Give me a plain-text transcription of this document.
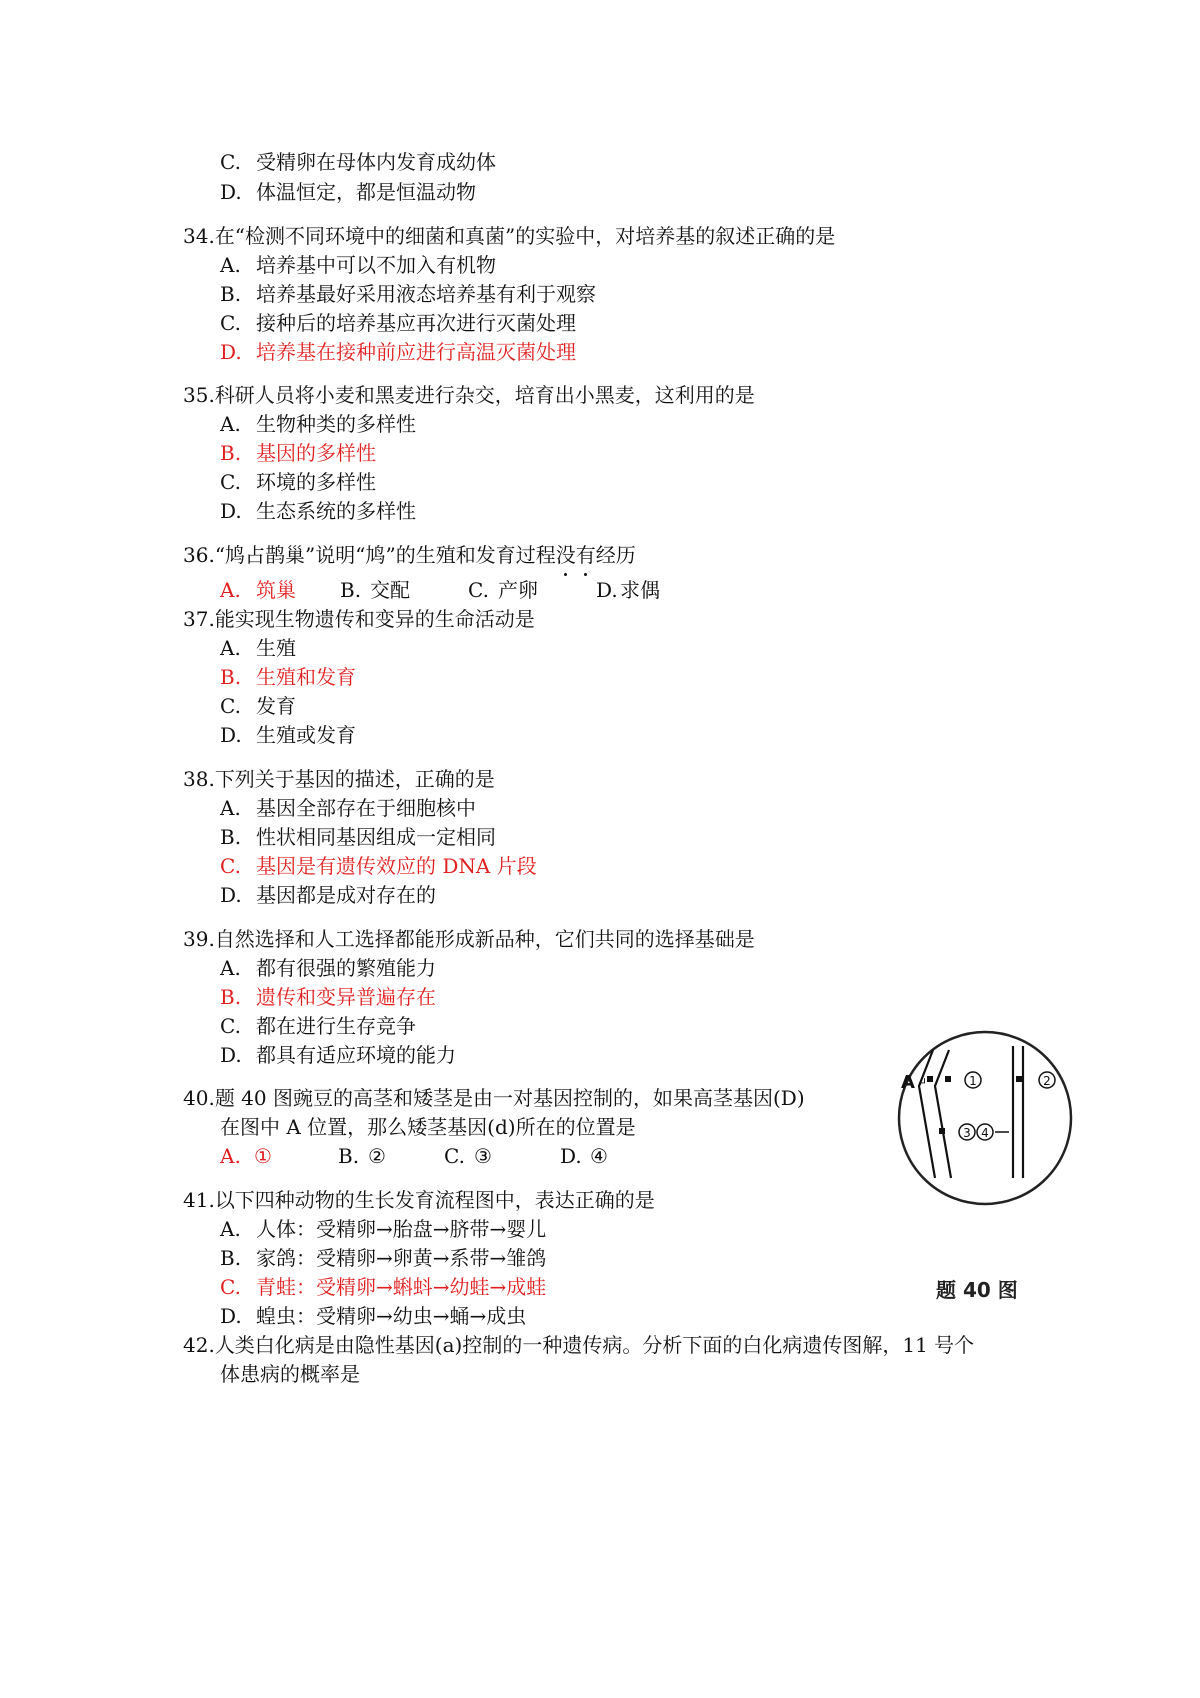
C. 受精卵在母体内发育成幼体
D. 体温恒定，都是恒温动物
34.在“检测不同环境中的细菌和真菌”的实验中，对培养基的叙述正确的是
A. 培养基中可以不加入有机物
B. 培养基最好采用液态培养基有利于观察
C. 接种后的培养基应再次进行灭菌处理
D. 培养基在接种前应进行高温灭菌处理
35.科研人员将小麦和黑麦进行杂交，培育出小黑麦，这利用的是
A. 生物种类的多样性
B. 基因的多样性
C. 环境的多样性
D. 生态系统的多样性
36.“鸠占鹊巢”说明“鸠”的生殖和发育过程没有经历
A. 筑巢 B. 交配	C. 产卵	D. 求偶
37.能实现生物遗传和变异的生命活动是
A. 生殖
B. 生殖和发育
C. 发育
D. 生殖或发育
38.下列关于基因的描述，正确的是
A. 基因全部存在于细胞核中
B. 性状相同基因组成一定相同
C. 基因是有遗传效应的 DNA 片段
D. 基因都是成对存在的
39.自然选择和人工选择都能形成新品种，它们共同的选择基础是
A. 都有很强的繁殖能力
B. 遗传和变异普遍存在
C. 都在进行生存竞争
D. 都具有适应环境的能力
40.题 40 图豌豆的高茎和矮茎是由一对基因控制的，如果高茎基因(D)
在图中 A 位置，那么矮茎基因(d)所在的位置是
A. ①	B. ②	C. ③	D. ④
A ↵	1	2
3 4
题 40 图
41.以下四种动物的生长发育流程图中，表达正确的是
A. 人体：受精卵→胎盘→脐带→婴儿
B. 家鸽：受精卵→卵黄→系带→雏鸽
C. 青蛙：受精卵→蝌蚪→幼蛙→成蛙
D. 蝗虫：受精卵→幼虫→蛹→成虫
42.人类白化病是由隐性基因(a)控制的一种遗传病。分析下面的白化病遗传图解，11 号个
体患病的概率是
